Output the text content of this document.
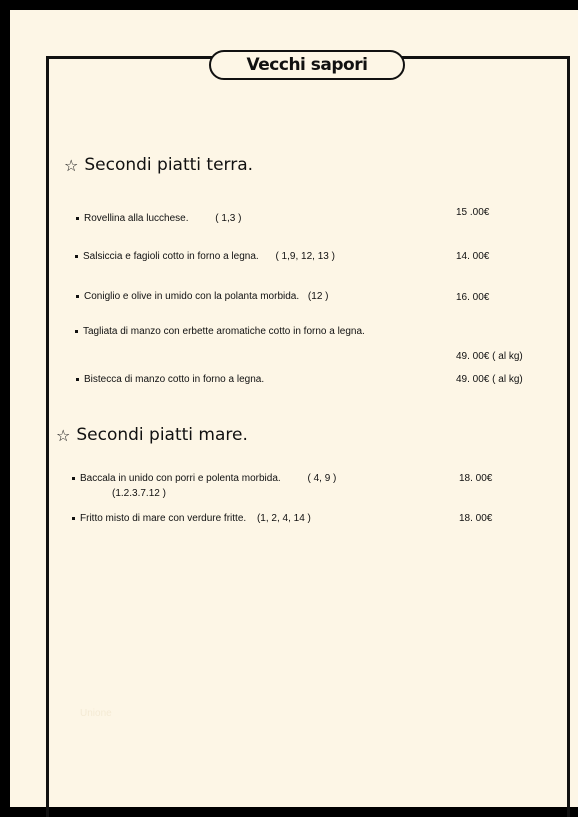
Vecchi sapori
☆ Secondi piatti terra.
Rovellina alla lucchese.	( 1,3 )
15 .00€
Salsiccia e fagioli cotto in forno a legna. ( 1,9, 12, 13 )	14. 00€
Coniglio e olive in umido con la polanta morbida. (12 )	16. 00€
Tagliata di manzo con erbette aromatiche cotto in forno a legna.
49. 00€ ( al kg)
Bistecca di manzo cotto in forno a legna.	49. 00€ ( al kg)
☆ Secondi piatti mare.
Baccala in unido con porri e polenta morbida.	( 4, 9 )
(1.2.3.7.12 )
18. 00€
Fritto misto di mare con verdure fritte. (1, 2, 4, 14 )	18. 00€
Unione
